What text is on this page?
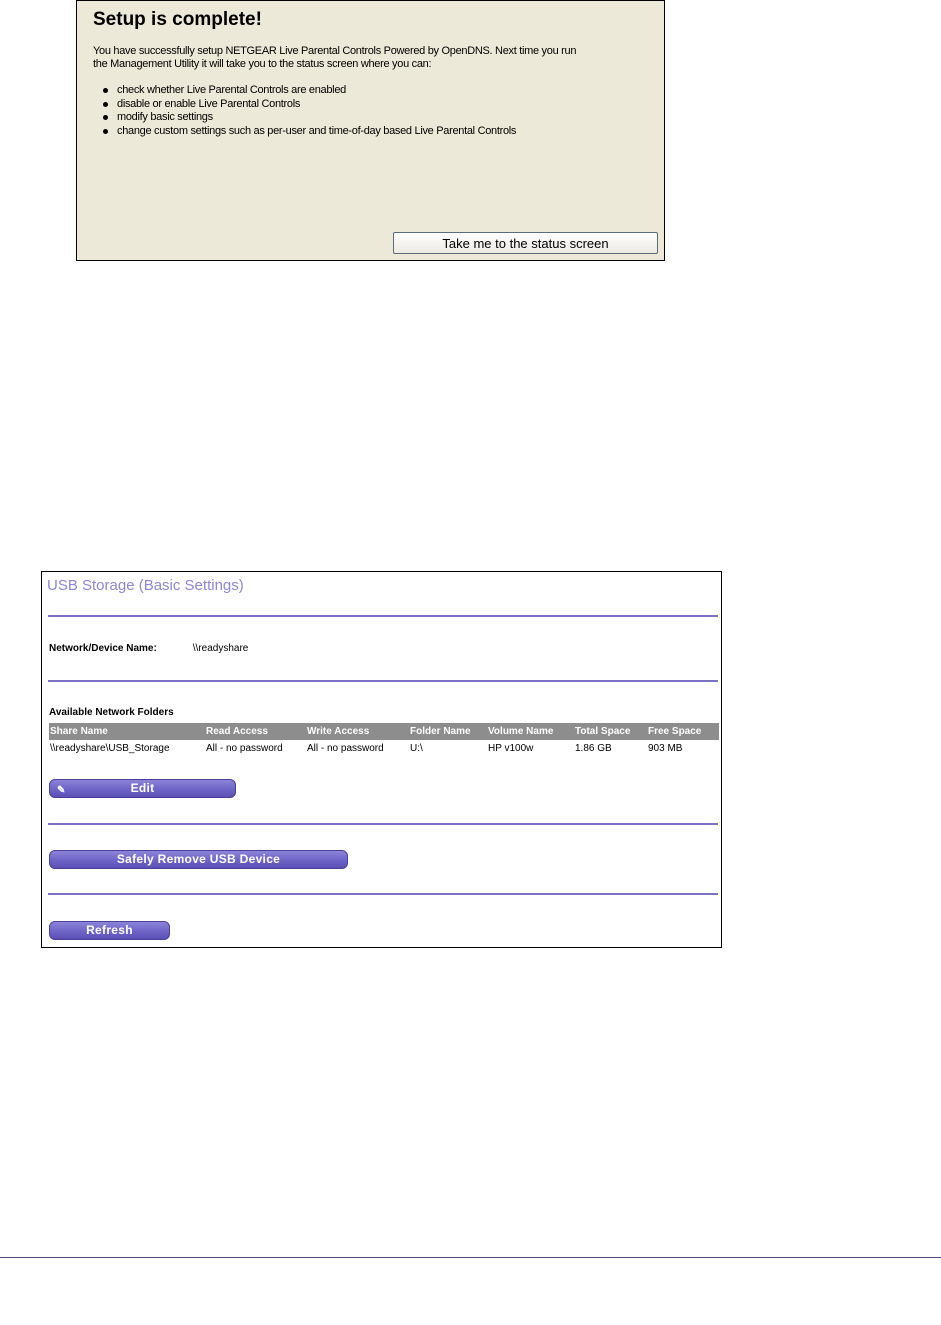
Setup is complete!

You have successfully setup NETGEAR Live Parental Controls Powered by OpenDNS. Next time you run the Management Utility it will take you to the status screen where you can:

check whether Live Parental Controls are enabled
disable or enable Live Parental Controls
modify basic settings
change custom settings such as per-user and time-of-day based Live Parental Controls
Take me to the status screen
USB Storage (Basic Settings)
Network/Device Name:	\\readyshare

Available Network Folders

Share Name	Read Access	Write Access	Folder Name	Volume Name	Total Space	Free Space
\\readyshare\USB_Storage	All - no password	All - no password	U:\	HP v100w	1.86 GB	903 MB
✎	Edit
Safely Remove USB Device
Refresh
